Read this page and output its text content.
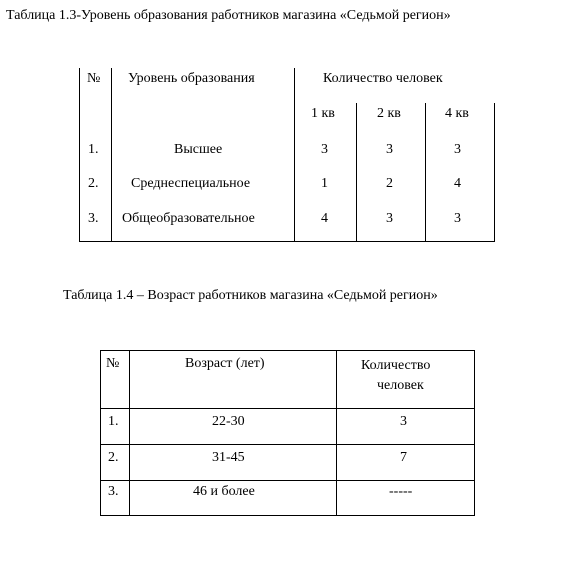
Таблица 1.3-Уровень образования работников магазина «Седьмой регион»
№ Уровень образования	Количество человек
1 кв	2 кв	4 кв
1.	Высшее	3	3	3
2. Среднеспециальное	1	2	4
3. Общеобразовательное	4	3	3
Таблица 1.4 – Возраст работников магазина «Седьмой регион»
№	Возраст (лет)	Количество
человек
1.	22-30	3
2.	31-45	7
3.	46 и более	-----
